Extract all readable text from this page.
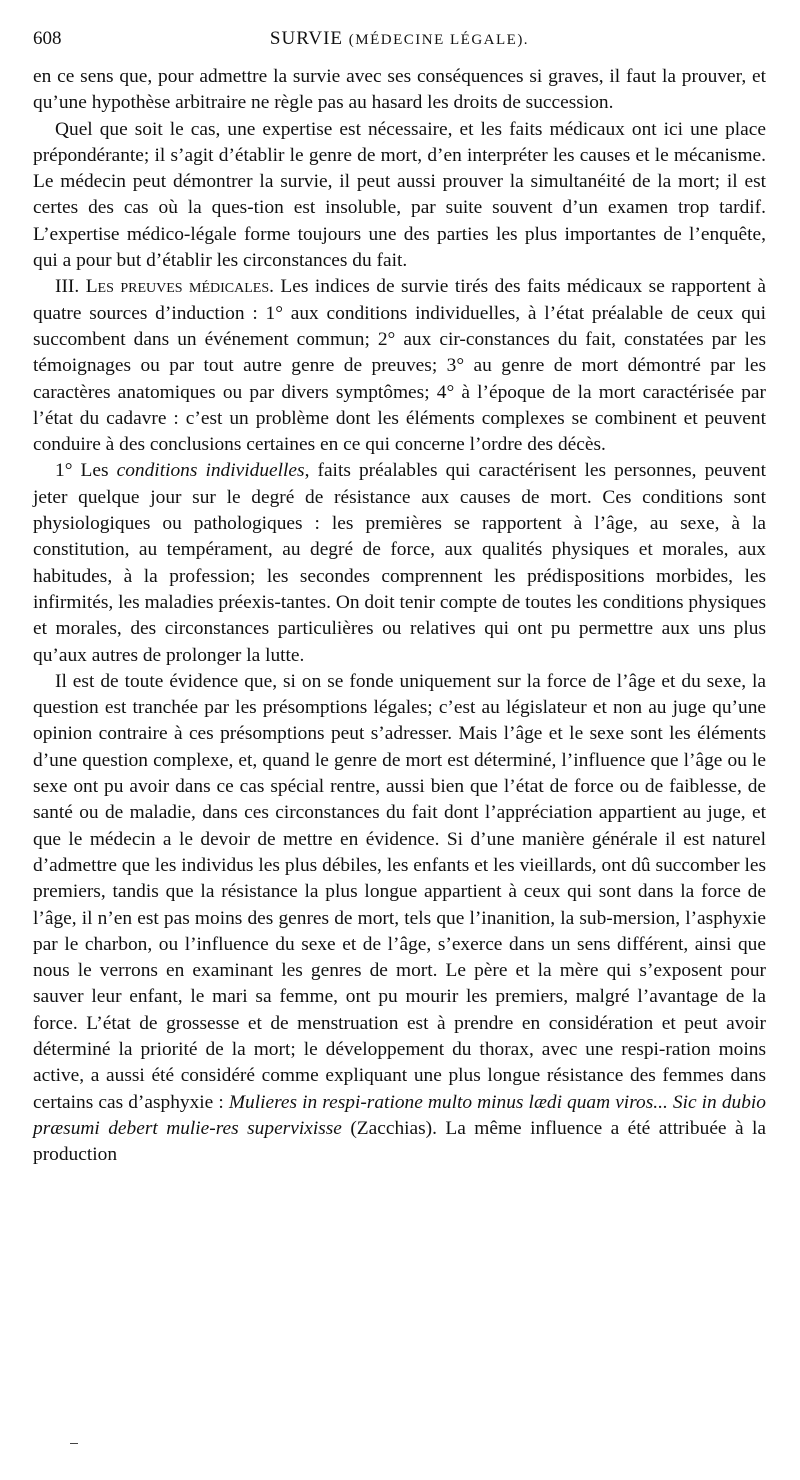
608	SURVIE (MÉDECINE LÉGALE).

en ce sens que, pour admettre la survie avec ses conséquences si graves, il faut la prouver, et qu’une hypothèse arbitraire ne règle pas au hasard les droits de succession.

Quel que soit le cas, une expertise est nécessaire, et les faits médicaux ont ici une place prépondérante; il s’agit d’établir le genre de mort, d’en interpréter les causes et le mécanisme. Le médecin peut démontrer la survie, il peut aussi prouver la simultanéité de la mort; il est certes des cas où la ques-tion est insoluble, par suite souvent d’un examen trop tardif. L’expertise médico-légale forme toujours une des parties les plus importantes de l’enquête, qui a pour but d’établir les circonstances du fait.

III. Les preuves médicales. Les indices de survie tirés des faits médicaux se rapportent à quatre sources d’induction : 1° aux conditions individuelles, à l’état préalable de ceux qui succombent dans un événement commun; 2° aux cir-constances du fait, constatées par les témoignages ou par tout autre genre de preuves; 3° au genre de mort démontré par les caractères anatomiques ou par divers symptômes; 4° à l’époque de la mort caractérisée par l’état du cadavre : c’est un problème dont les éléments complexes se combinent et peuvent conduire à des conclusions certaines en ce qui concerne l’ordre des décès.

1° Les conditions individuelles, faits préalables qui caractérisent les personnes, peuvent jeter quelque jour sur le degré de résistance aux causes de mort. Ces conditions sont physiologiques ou pathologiques : les premières se rapportent à l’âge, au sexe, à la constitution, au tempérament, au degré de force, aux qualités physiques et morales, aux habitudes, à la profession; les secondes comprennent les prédispositions morbides, les infirmités, les maladies préexis-tantes. On doit tenir compte de toutes les conditions physiques et morales, des circonstances particulières ou relatives qui ont pu permettre aux uns plus qu’aux autres de prolonger la lutte.

Il est de toute évidence que, si on se fonde uniquement sur la force de l’âge et du sexe, la question est tranchée par les présomptions légales; c’est au législateur et non au juge qu’une opinion contraire à ces présomptions peut s’adresser. Mais l’âge et le sexe sont les éléments d’une question complexe, et, quand le genre de mort est déterminé, l’influence que l’âge ou le sexe ont pu avoir dans ce cas spécial rentre, aussi bien que l’état de force ou de faiblesse, de santé ou de maladie, dans ces circonstances du fait dont l’appréciation appartient au juge, et que le médecin a le devoir de mettre en évidence. Si d’une manière générale il est naturel d’admettre que les individus les plus débiles, les enfants et les vieillards, ont dû succomber les premiers, tandis que la résistance la plus longue appartient à ceux qui sont dans la force de l’âge, il n’en est pas moins des genres de mort, tels que l’inanition, la sub-mersion, l’asphyxie par le charbon, ou l’influence du sexe et de l’âge, s’exerce dans un sens différent, ainsi que nous le verrons en examinant les genres de mort. Le père et la mère qui s’exposent pour sauver leur enfant, le mari sa femme, ont pu mourir les premiers, malgré l’avantage de la force. L’état de grossesse et de menstruation est à prendre en considération et peut avoir déterminé la priorité de la mort; le développement du thorax, avec une respi-ration moins active, a aussi été considéré comme expliquant une plus longue résistance des femmes dans certains cas d’asphyxie : Mulieres in respi-ratione multo minus lædi quam viros... Sic in dubio præsumi debert mulie-res supervixisse (Zacchias). La même influence a été attribuée à la production
